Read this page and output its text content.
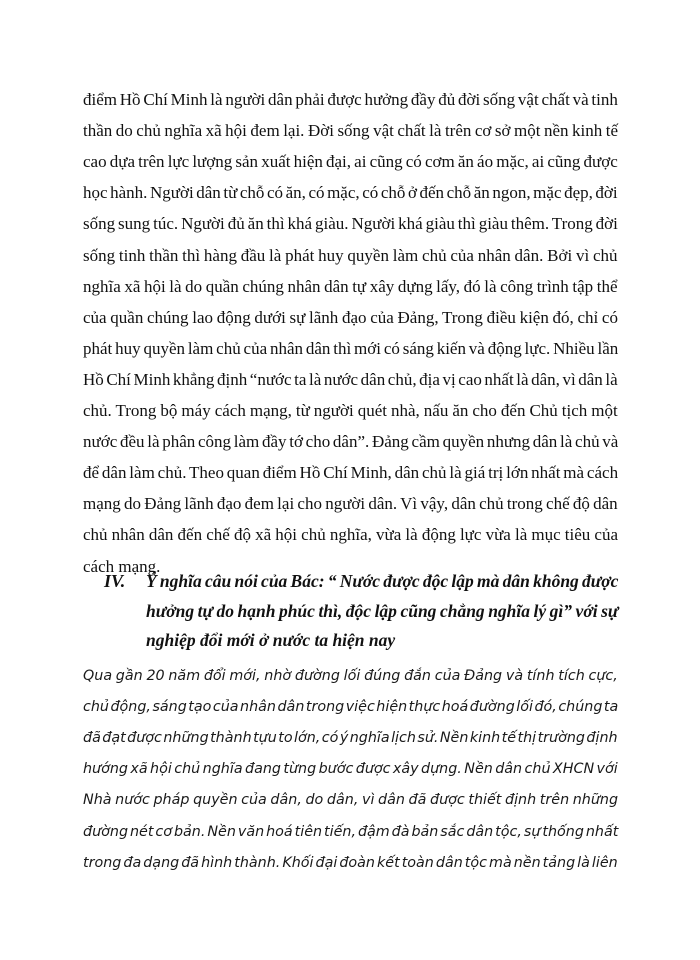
điểm Hồ Chí Minh là người dân phải được hưởng đầy đủ đời sống vật chất và tinh
thần do chủ nghĩa xã hội đem lại. Đời sống vật chất là trên cơ sở một nền kinh tế
cao dựa trên lực lượng sản xuất hiện đại, ai cũng có cơm ăn áo mặc, ai cũng được
học hành. Người dân từ chỗ có ăn, có mặc, có chỗ ở đến chỗ ăn ngon, mặc đẹp, đời
sống sung túc. Người đủ ăn thì khá giàu. Người khá giàu thì giàu thêm. Trong đời
sống tinh thần thì hàng đầu là phát huy quyền làm chủ của nhân dân. Bởi vì chủ
nghĩa xã hội là do quần chúng nhân dân tự xây dựng lấy, đó là công trình tập thể
của quần chúng lao động dưới sự lãnh đạo của Đảng, Trong điều kiện đó, chỉ có
phát huy quyền làm chủ của nhân dân thì mới có sáng kiến và động lực. Nhiều lần
Hồ Chí Minh khẳng định “nước ta là nước dân chủ, địa vị cao nhất là dân, vì dân là
chủ. Trong bộ máy cách mạng, từ người quét nhà, nấu ăn cho đến Chủ tịch một
nước đều là phân công làm đầy tớ cho dân”. Đảng cầm quyền nhưng dân là chủ và
để dân làm chủ. Theo quan điểm Hồ Chí Minh, dân chủ là giá trị lớn nhất mà cách
mạng do Đảng lãnh đạo đem lại cho người dân. Vì vậy, dân chủ trong chế độ dân
chủ nhân dân đến chế độ xã hội chủ nghĩa, vừa là động lực vừa là mục tiêu của
cách mạng.
IV. Ý nghĩa câu nói của Bác: “ Nước được độc lập mà dân không được
hưởng tự do hạnh phúc thì, độc lập cũng chẳng nghĩa lý gì” với sự
nghiệp đổi mới ở nước ta hiện nay
Qua gần 20 năm đổi mới, nhờ đường lối đúng đắn của Đảng và tính tích cực,
chủ động, sáng tạo của nhân dân trong việc hiện thực hoá đường lối đó, chúng ta
đã đạt được những thành tựu to lớn, có ý nghĩa lịch sử. Nền kinh tế thị trường định
hướng xã hội chủ nghĩa đang từng bước được xây dựng. Nền dân chủ XHCN với
Nhà nước pháp quyền của dân, do dân, vì dân đã được thiết định trên những
đường nét cơ bản. Nền văn hoá tiên tiến, đậm đà bản sắc dân tộc, sự thống nhất
trong đa dạng đã hình thành. Khối đại đoàn kết toàn dân tộc mà nền tảng là liên
